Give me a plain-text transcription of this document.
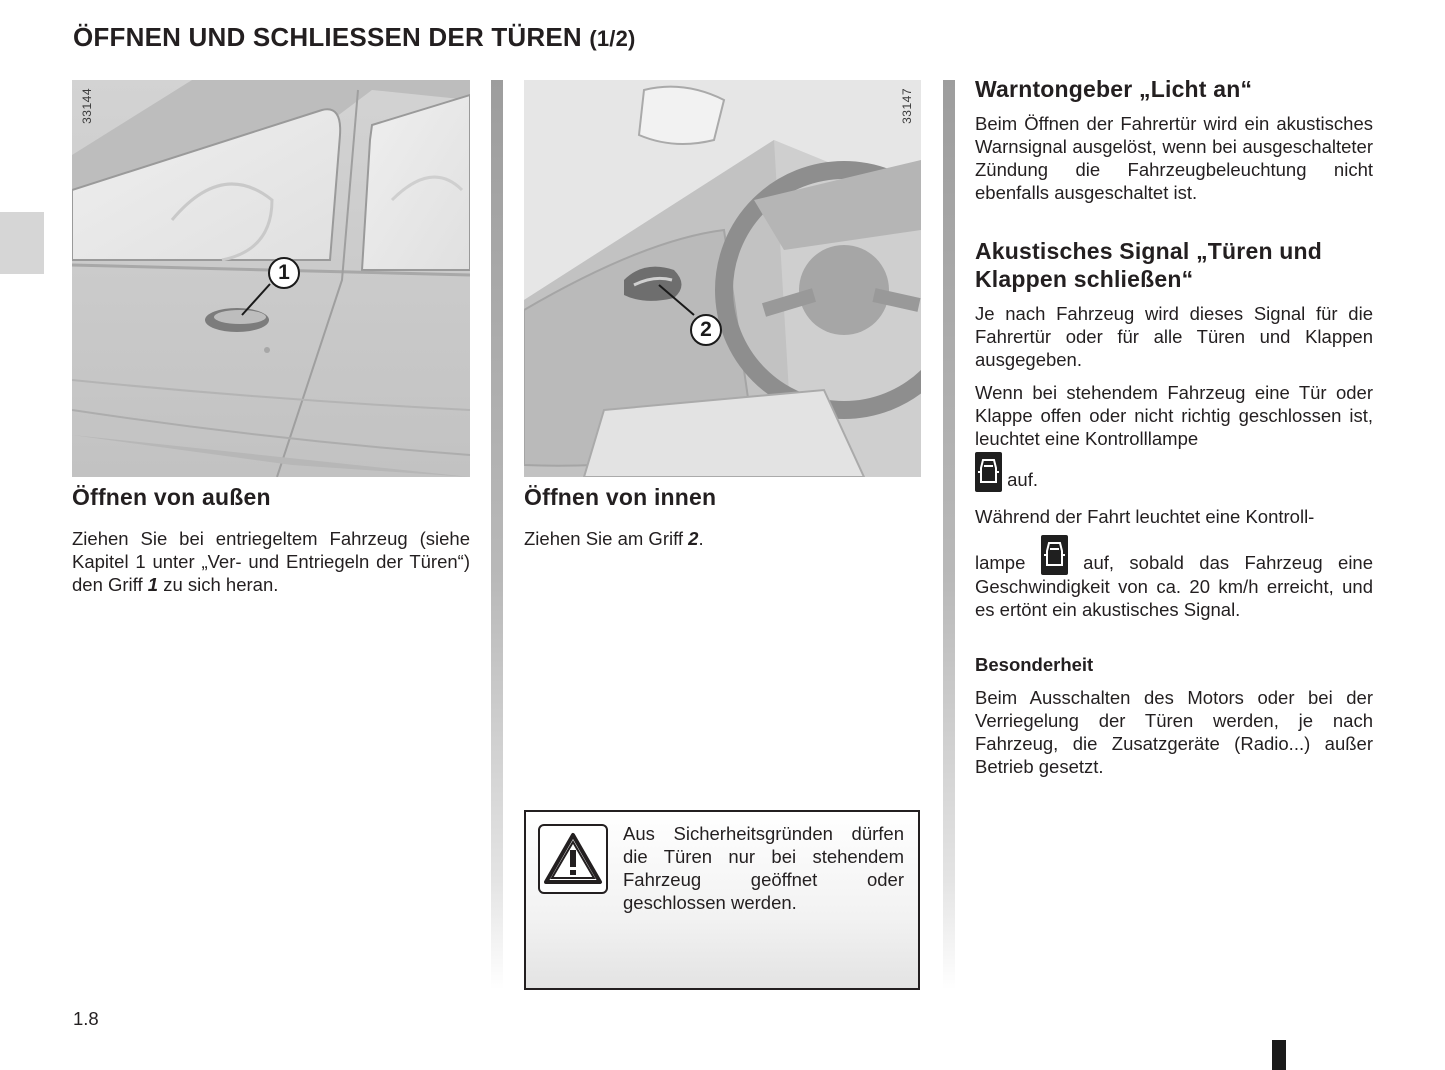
ÖFFNEN UND SCHLIESSEN DER TÜREN (1/2)
33144
1
33147
2
Öffnen von außen

Ziehen Sie bei entriegeltem Fahrzeug (siehe Kapitel 1 unter „Ver- und Entriegeln der Türen“) den Griff 1 zu sich heran.

Öffnen von innen

Ziehen Sie am Griff 2.

Aus Sicherheitsgründen dürfen die Türen nur bei stehendem Fahrzeug geöffnet oder geschlossen werden.

Warntongeber „Licht an“

Beim Öffnen der Fahrertür wird ein akustisches Warnsignal ausgelöst, wenn bei ausgeschalteter Zündung die Fahrzeugbeleuchtung nicht ebenfalls ausgeschaltet ist.

Akustisches Signal „Türen und Klappen schließen“

Je nach Fahrzeug wird dieses Signal für die Fahrertür oder für alle Türen und Klappen ausgegeben.

Wenn bei stehendem Fahrzeug eine Tür oder Klappe offen oder nicht richtig geschlossen ist, leuchtet eine Kontrolllampe

auf.

Während der Fahrt leuchtet eine Kontroll-

lampe	auf, sobald das Fahrzeug eine Geschwindigkeit von ca. 20 km/h erreicht, und es ertönt ein akustisches Signal.

Besonderheit

Beim Ausschalten des Motors oder bei der Verriegelung der Türen werden, je nach Fahrzeug, die Zusatzgeräte (Radio...) außer Betrieb gesetzt.

1.8
